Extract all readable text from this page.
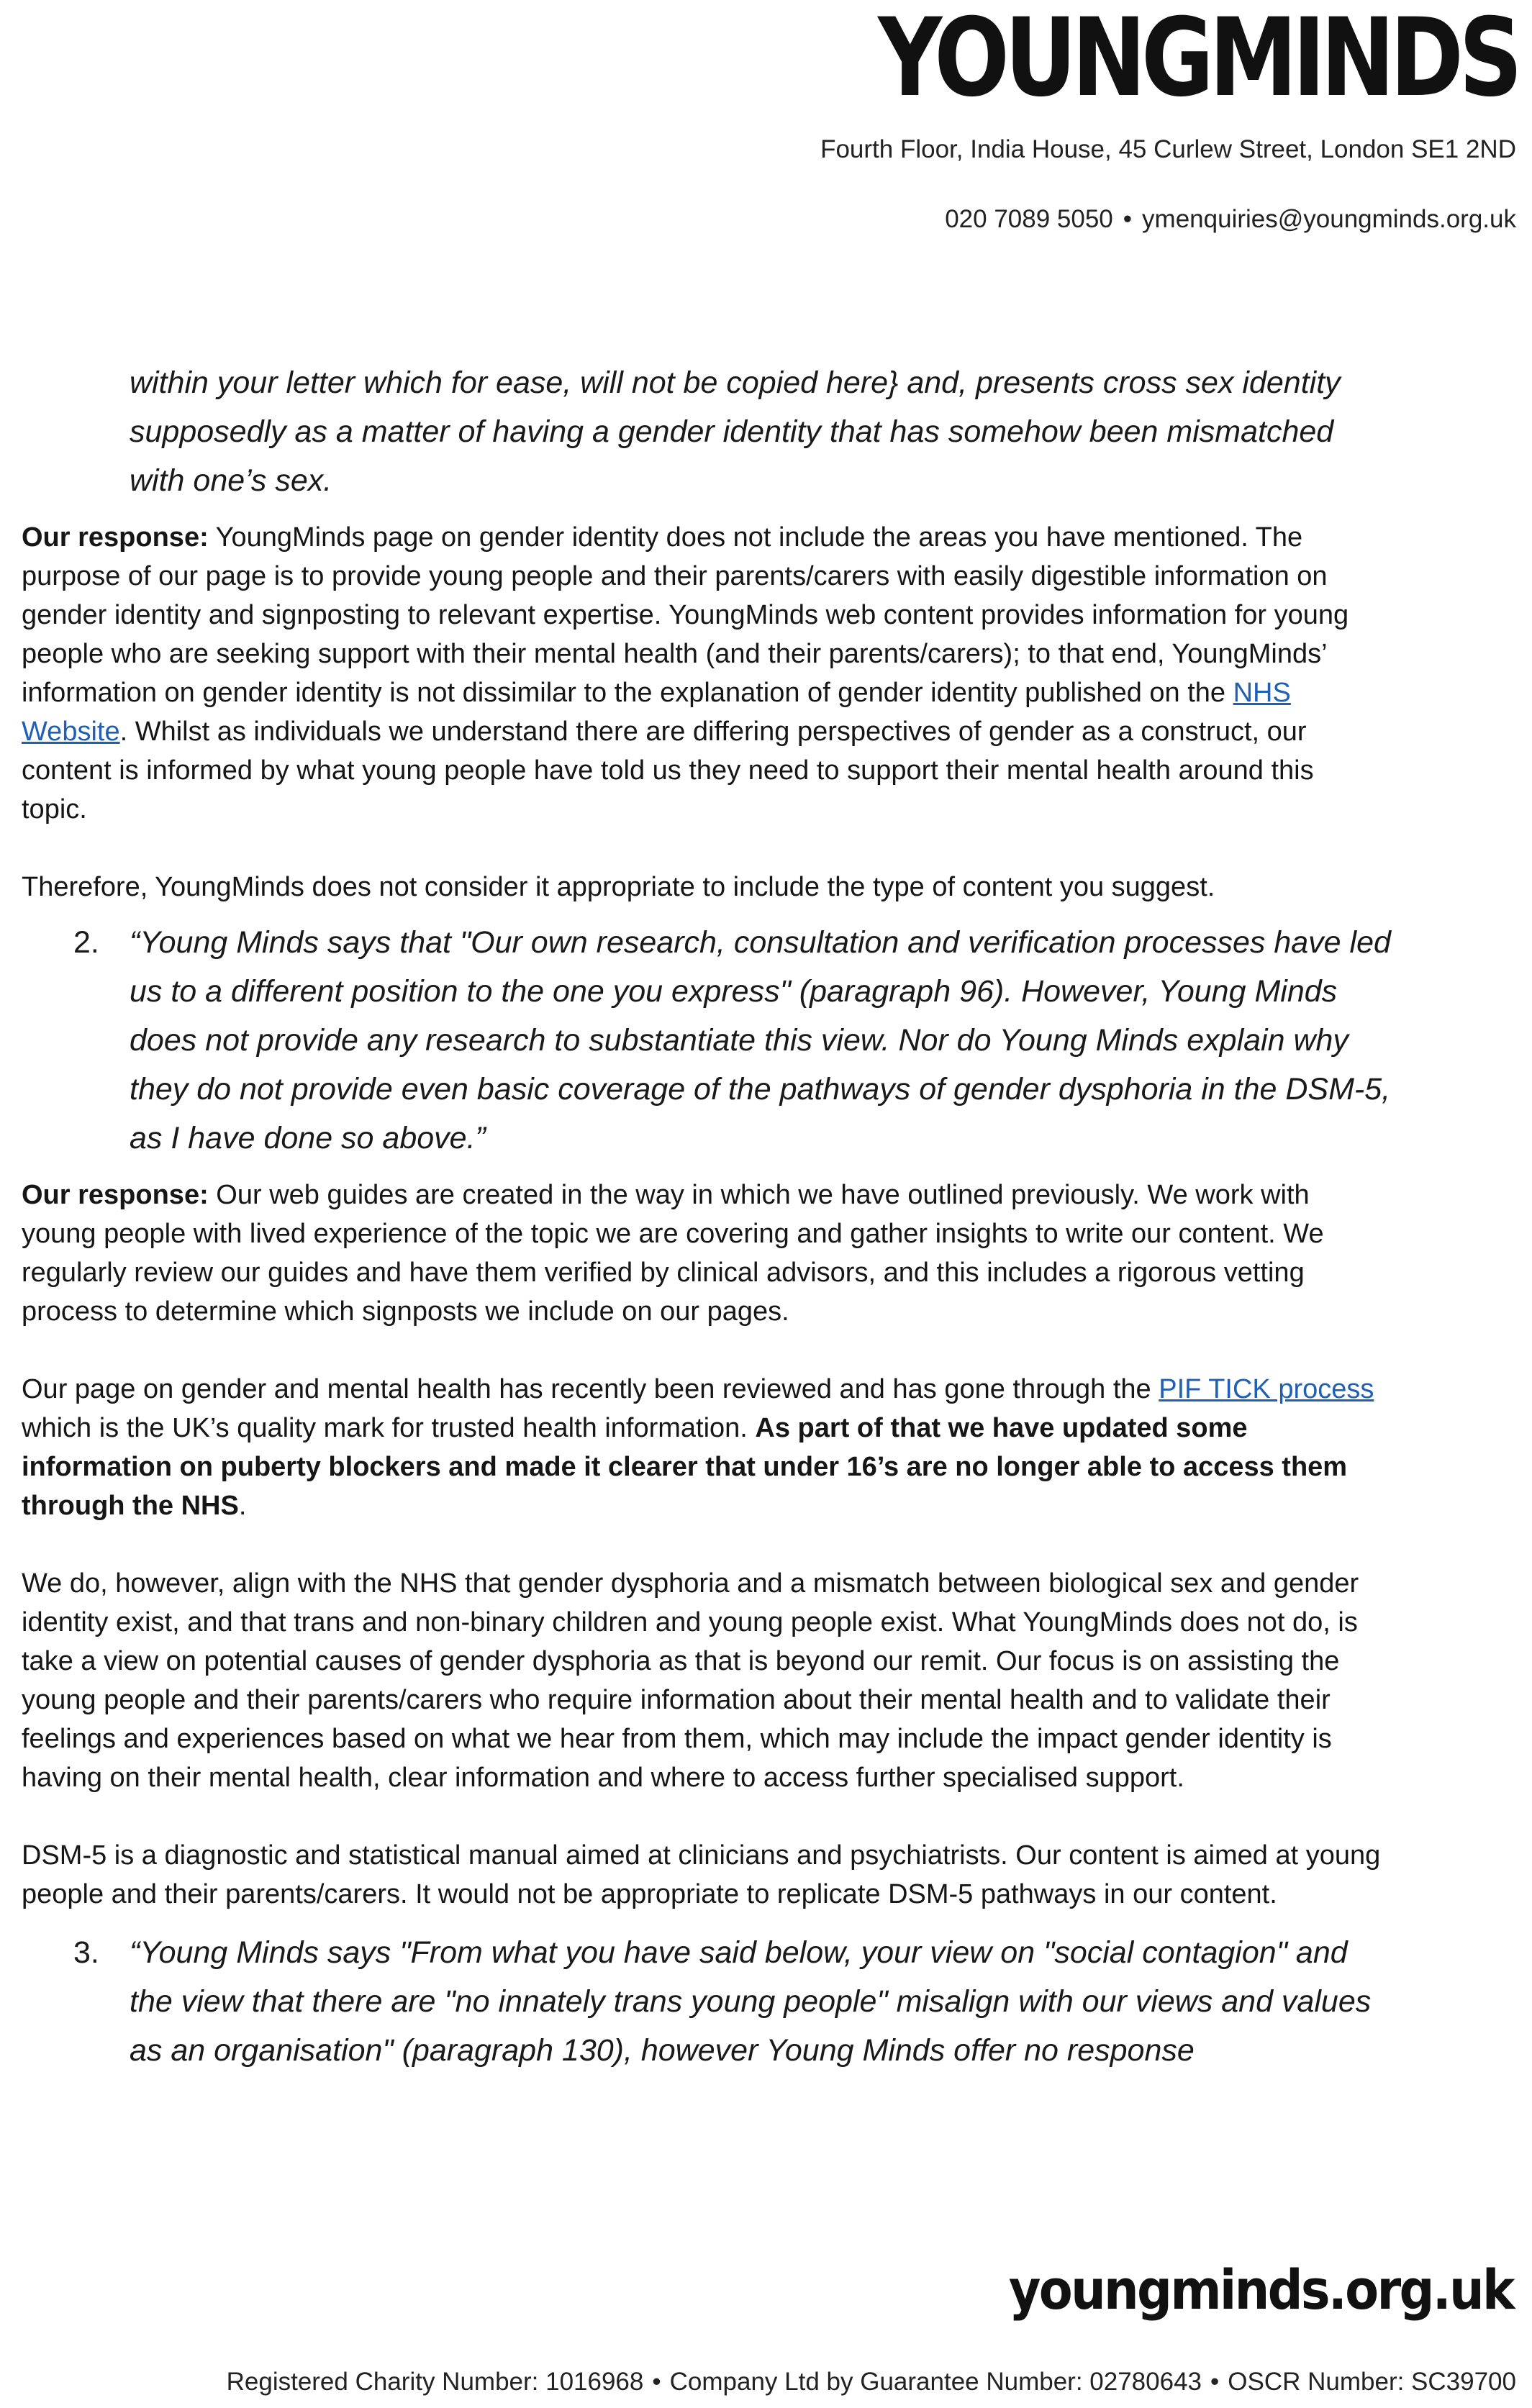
YOUNGMINDS
Fourth Floor, India House, 45 Curlew Street, London SE1 2ND
020 7089 5050 • ymenquiries@youngminds.org.uk
within your letter which for ease, will not be copied here} and, presents cross sex identity supposedly as a matter of having a gender identity that has somehow been mismatched with one’s sex.

Our response: YoungMinds page on gender identity does not include the areas you have mentioned. The purpose of our page is to provide young people and their parents/carers with easily digestible information on gender identity and signposting to relevant expertise. YoungMinds web content provides information for young people who are seeking support with their mental health (and their parents/carers); to that end, YoungMinds’ information on gender identity is not dissimilar to the explanation of gender identity published on the NHS Website. Whilst as individuals we understand there are differing perspectives of gender as a construct, our content is informed by what young people have told us they need to support their mental health around this topic.

Therefore, YoungMinds does not consider it appropriate to include the type of content you suggest.

2. “Young Minds says that "Our own research, consultation and verification processes have led us to a different position to the one you express" (paragraph 96). However, Young Minds does not provide any research to substantiate this view. Nor do Young Minds explain why they do not provide even basic coverage of the pathways of gender dysphoria in the DSM-5, as I have done so above.”

Our response: Our web guides are created in the way in which we have outlined previously. We work with young people with lived experience of the topic we are covering and gather insights to write our content. We regularly review our guides and have them verified by clinical advisors, and this includes a rigorous vetting process to determine which signposts we include on our pages.

Our page on gender and mental health has recently been reviewed and has gone through the PIF TICK process which is the UK’s quality mark for trusted health information. As part of that we have updated some information on puberty blockers and made it clearer that under 16’s are no longer able to access them through the NHS.

We do, however, align with the NHS that gender dysphoria and a mismatch between biological sex and gender identity exist, and that trans and non-binary children and young people exist. What YoungMinds does not do, is take a view on potential causes of gender dysphoria as that is beyond our remit. Our focus is on assisting the young people and their parents/carers who require information about their mental health and to validate their feelings and experiences based on what we hear from them, which may include the impact gender identity is having on their mental health, clear information and where to access further specialised support.

DSM-5 is a diagnostic and statistical manual aimed at clinicians and psychiatrists. Our content is aimed at young people and their parents/carers. It would not be appropriate to replicate DSM-5 pathways in our content.

3. “Young Minds says "From what you have said below, your view on "social contagion" and the view that there are "no innately trans young people" misalign with our views and values as an organisation" (paragraph 130), however Young Minds offer no response
youngminds.org.uk
Registered Charity Number: 1016968 • Company Ltd by Guarantee Number: 02780643 • OSCR Number: SC39700
